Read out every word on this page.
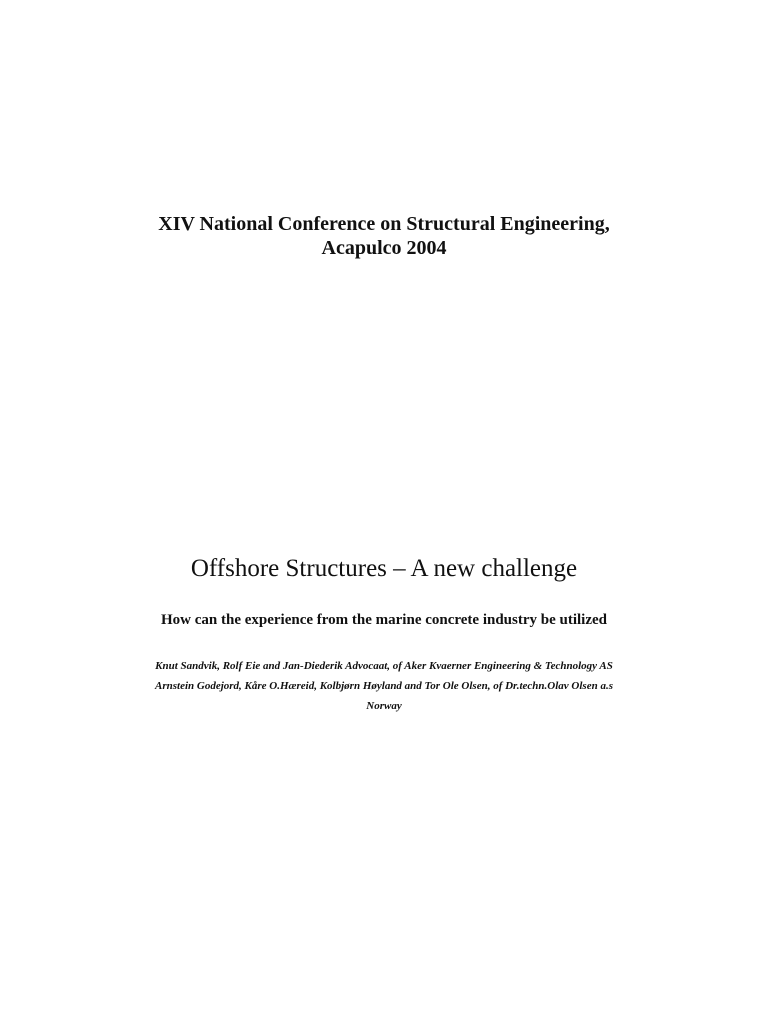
XIV National Conference on Structural Engineering,
Acapulco 2004
Offshore Structures – A new challenge
How can the experience from the marine concrete industry be utilized
Knut Sandvik, Rolf Eie and Jan-Diederik Advocaat, of Aker Kvaerner Engineering & Technology AS
Arnstein Godejord, Kåre O.Hæreid, Kolbjørn Høyland and Tor Ole Olsen, of Dr.techn.Olav Olsen a.s
Norway
